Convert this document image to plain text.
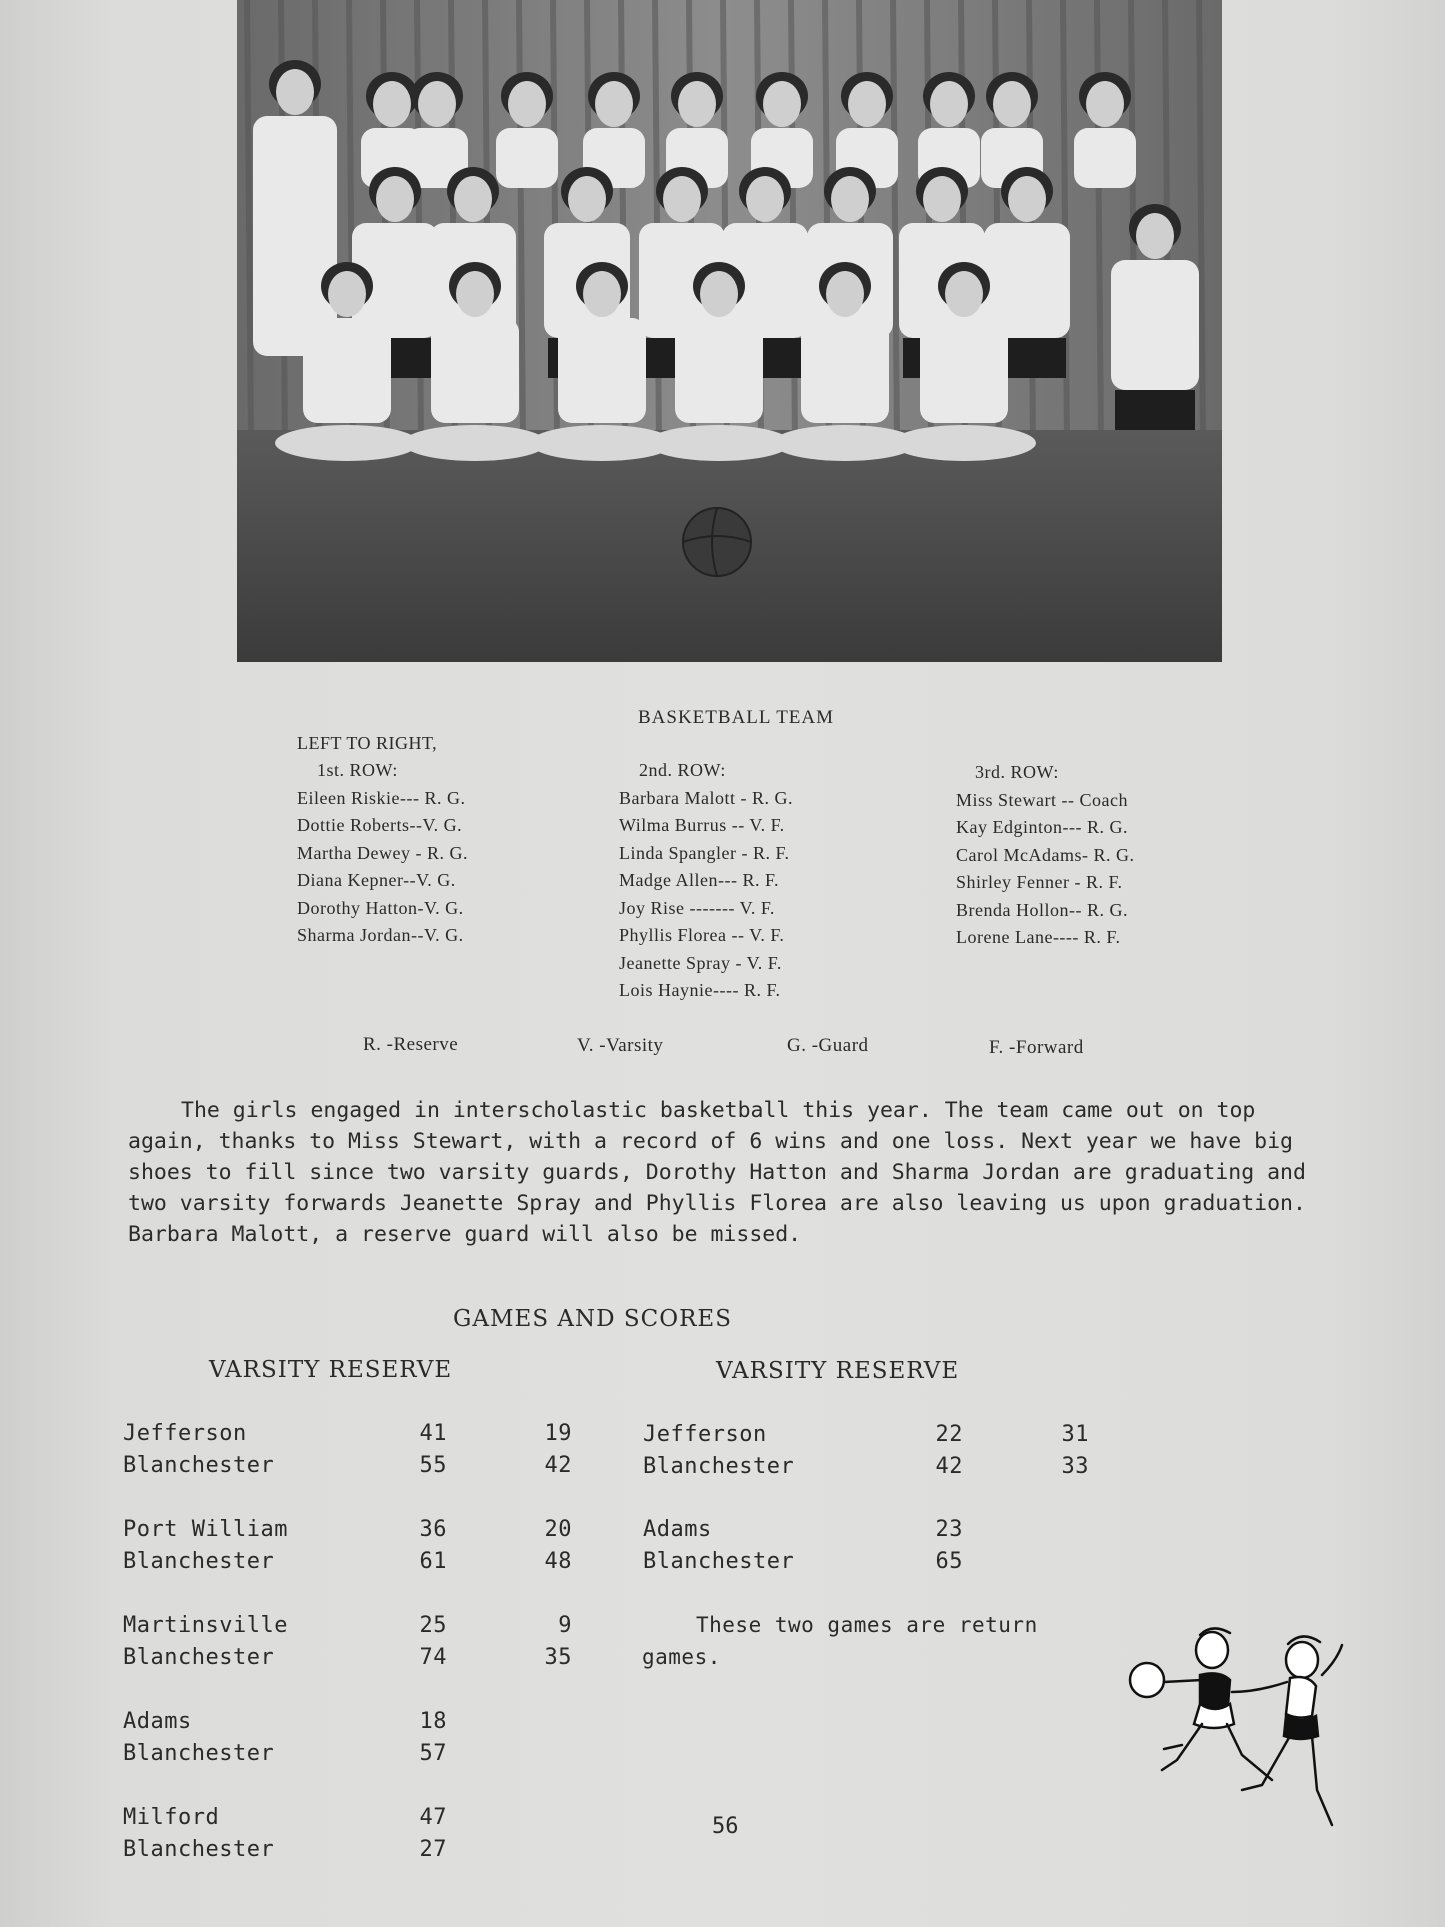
BASKETBALL TEAM
LEFT TO RIGHT,
1st. ROW:
Eileen Riskie--- R. G.
Dottie Roberts--V. G.
Martha Dewey - R. G.
Diana Kepner--V. G.
Dorothy Hatton-V. G.
Sharma Jordan--V. G.
2nd. ROW:
Barbara Malott - R. G.
Wilma Burrus -- V. F.
Linda Spangler - R. F.
Madge Allen--- R. F.
Joy Rise ------- V. F.
Phyllis Florea -- V. F.
Jeanette Spray - V. F.
Lois Haynie---- R. F.
3rd. ROW:
Miss Stewart -- Coach
Kay Edginton--- R. G.
Carol McAdams- R. G.
Shirley Fenner - R. F.
Brenda Hollon-- R. G.
Lorene Lane---- R. F.
R. -Reserve	V. -Varsity	G. -Guard	F. -Forward

The girls engaged in interscholastic basketball this year. The team came out on top again, thanks to Miss Stewart, with a record of 6 wins and one loss. Next year we have big shoes to fill since two varsity guards, Dorothy Hatton and Sharma Jordan are graduating and two varsity forwards Jeanette Spray and Phyllis Florea are also leaving us upon graduation. Barbara Malott, a reserve guard will also be missed.

GAMES AND SCORES
VARSITY RESERVE	VARSITY RESERVE
Jefferson	41	19
Blanchester	55	42
Port William	36	20
Blanchester	61	48
Martinsville	25	9
Blanchester	74	35
Adams	18
Blanchester	57
Milford	47
Blanchester	27
Jefferson	22	31
Blanchester	42	33
Adams	23
Blanchester	65

These two games are return games.

56
